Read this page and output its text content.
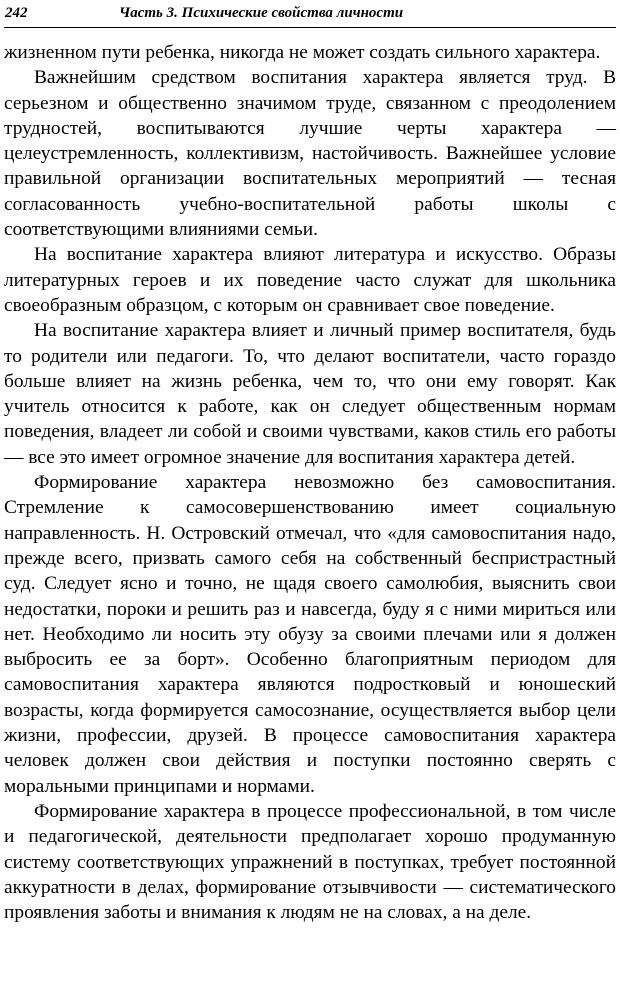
242	Часть 3. Психические свойства личности

жизненном пути ребенка, никогда не может создать сильного характера.

Важнейшим средством воспитания характера является труд. В серьезном и общественно значимом труде, связанном с преодолением трудностей, воспитываются лучшие черты характера — целеустремленность, коллективизм, настойчивость. Важнейшее условие правильной организации воспитательных мероприятий — тесная согласованность учебно-воспитательной работы школы с соответствующими влияниями семьи.

На воспитание характера влияют литература и искусство. Образы литературных героев и их поведение часто служат для школьника своеобразным образцом, с которым он сравнивает свое поведение.

На воспитание характера влияет и личный пример воспитателя, будь то родители или педагоги. То, что делают воспитатели, часто гораздо больше влияет на жизнь ребенка, чем то, что они ему говорят. Как учитель относится к работе, как он следует общественным нормам поведения, владеет ли собой и своими чувствами, каков стиль его работы — все это имеет огромное значение для воспитания характера детей.

Формирование характера невозможно без самовоспитания. Стремление к самосовершенствованию имеет социальную направленность. Н. Островский отмечал, что «для самовоспитания надо, прежде всего, призвать самого себя на собственный беспристрастный суд. Следует ясно и точно, не щадя своего самолюбия, выяснить свои недостатки, пороки и решить раз и навсегда, буду я с ними мириться или нет. Необходимо ли носить эту обузу за своими плечами или я должен выбросить ее за борт». Особенно благоприятным периодом для самовоспитания характера являются подростковый и юношеский возрасты, когда формируется самосознание, осуществляется выбор цели жизни, профессии, друзей. В процессе самовоспитания характера человек должен свои действия и поступки постоянно сверять с моральными принципами и нормами.

Формирование характера в процессе профессиональной, в том числе и педагогической, деятельности предполагает хорошо продуманную систему соответствующих упражнений в поступках, требует постоянной аккуратности в делах, формирование отзывчивости — систематического проявления заботы и внимания к людям не на словах, а на деле.
